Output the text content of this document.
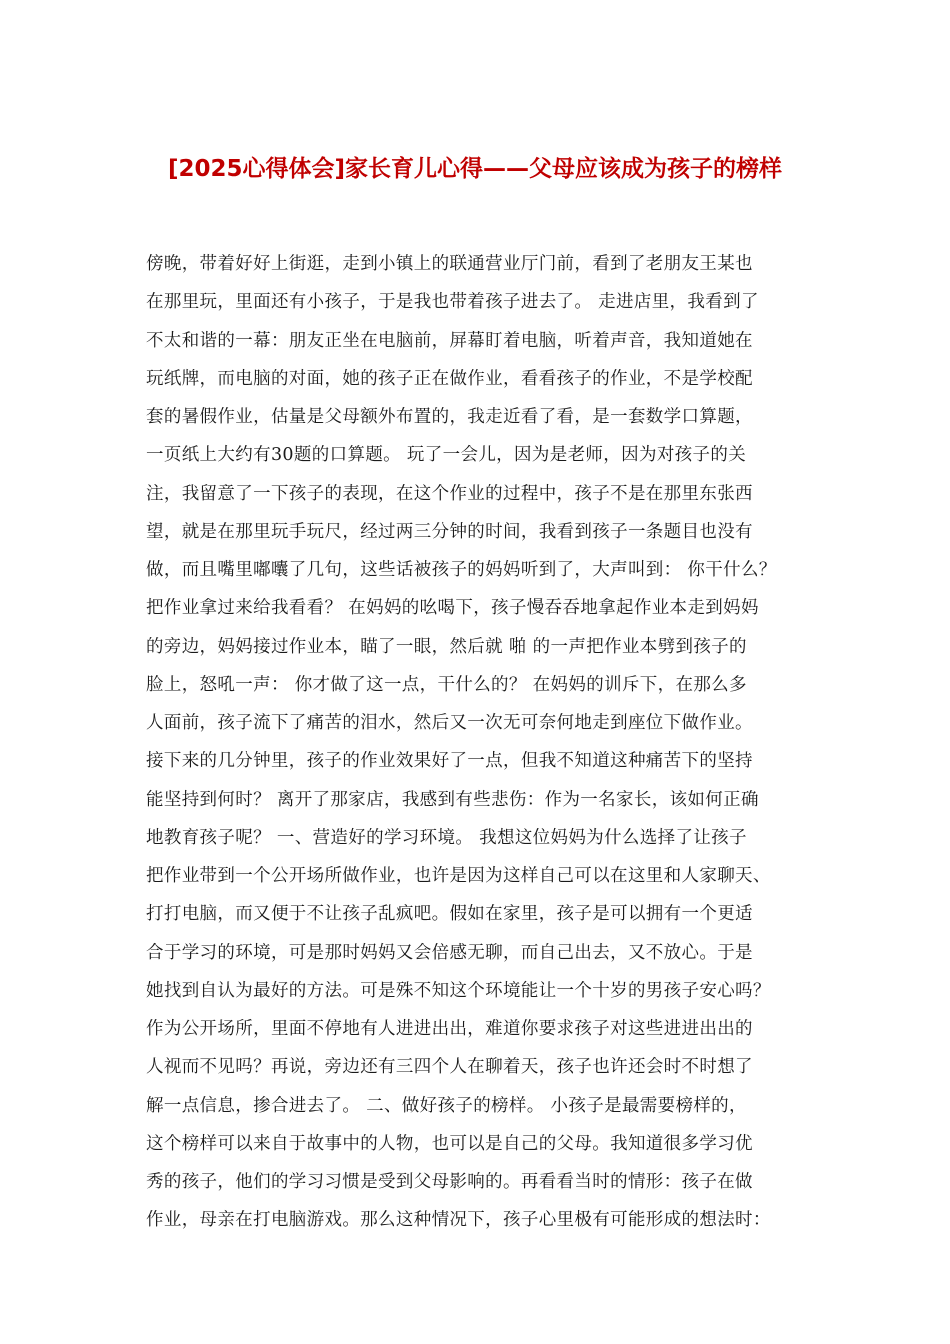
[2025心得体会]家长育儿心得——父母应该成为孩子的榜样
傍晚，带着好好上街逛，走到小镇上的联通营业厅门前，看到了老朋友王某也
在那里玩，里面还有小孩子，于是我也带着孩子进去了。 走进店里，我看到了
不太和谐的一幕：朋友正坐在电脑前，屏幕盯着电脑，听着声音，我知道她在
玩纸牌，而电脑的对面，她的孩子正在做作业，看看孩子的作业，不是学校配
套的暑假作业，估量是父母额外布置的，我走近看了看，是一套数学口算题，
一页纸上大约有30题的口算题。 玩了一会儿，因为是老师，因为对孩子的关
注，我留意了一下孩子的表现，在这个作业的过程中，孩子不是在那里东张西
望，就是在那里玩手玩尺，经过两三分钟的时间，我看到孩子一条题目也没有
做，而且嘴里嘟囔了几句，这些话被孩子的妈妈听到了，大声叫到： 你干什么？
把作业拿过来给我看看？ 在妈妈的吆喝下，孩子慢吞吞地拿起作业本走到妈妈
的旁边，妈妈接过作业本，瞄了一眼，然后就 啪 的一声把作业本劈到孩子的
脸上，怒吼一声： 你才做了这一点，干什么的？ 在妈妈的训斥下，在那么多
人面前，孩子流下了痛苦的泪水，然后又一次无可奈何地走到座位下做作业。
接下来的几分钟里，孩子的作业效果好了一点，但我不知道这种痛苦下的坚持
能坚持到何时？ 离开了那家店，我感到有些悲伤：作为一名家长，该如何正确
地教育孩子呢？ 一、营造好的学习环境。 我想这位妈妈为什么选择了让孩子
把作业带到一个公开场所做作业，也许是因为这样自己可以在这里和人家聊天、
打打电脑，而又便于不让孩子乱疯吧。假如在家里，孩子是可以拥有一个更适
合于学习的环境，可是那时妈妈又会倍感无聊，而自己出去，又不放心。于是
她找到自认为最好的方法。可是殊不知这个环境能让一个十岁的男孩子安心吗？
作为公开场所，里面不停地有人进进出出，难道你要求孩子对这些进进出出的
人视而不见吗？再说，旁边还有三四个人在聊着天，孩子也许还会时不时想了
解一点信息，掺合进去了。 二、做好孩子的榜样。 小孩子是最需要榜样的，
这个榜样可以来自于故事中的人物，也可以是自己的父母。我知道很多学习优
秀的孩子，他们的学习习惯是受到父母影响的。再看看当时的情形：孩子在做
作业，母亲在打电脑游戏。那么这种情况下，孩子心里极有可能形成的想法时：
